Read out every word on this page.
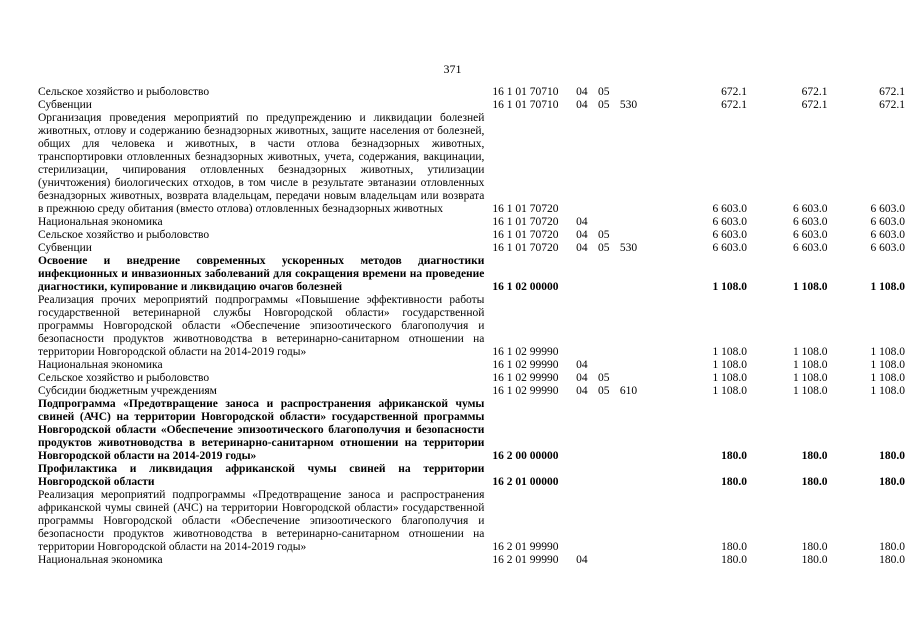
371
Сельское хозяйство и рыболовство		16 1 01 70710	04	05		672.1	672.1	672.1
Субвенции		16 1 01 70710	04	05	530	672.1	672.1	672.1
Организация проведения мероприятий по предупреждению и ликвидации болезней животных, отлову и содержанию безнадзорных животных, защите населения от болезней, общих для человека и животных, в части отлова безнадзорных животных, транспортировки отловленных безнадзорных животных, учета, содержания, вакцинации, стерилизации, чипирования отловленных безнадзорных животных, утилизации (уничтожения) биологических отходов, в том числе в результате эвтаназии отловленных безнадзорных животных, возврата владельцам, передачи новым владельцам или возврата в прежнюю среду обитания (вместо отлова) отловленных безнадзорных животных		16 1 01 70720				6 603.0	6 603.0	6 603.0
Национальная экономика		16 1 01 70720	04			6 603.0	6 603.0	6 603.0
Сельское хозяйство и рыболовство		16 1 01 70720	04	05		6 603.0	6 603.0	6 603.0
Субвенции		16 1 01 70720	04	05	530	6 603.0	6 603.0	6 603.0
Освоение и внедрение современных ускоренных методов диагностики инфекционных и инвазионных заболеваний для сокращения времени на проведение диагностики, купирование и ликвидацию очагов болезней		16 1 02 00000				1 108.0	1 108.0	1 108.0
Реализация прочих мероприятий подпрограммы «Повышение эффективности работы государственной ветеринарной службы Новгородской области» государственной программы Новгородской области «Обеспечение эпизоотического благополучия и безопасности продуктов животноводства в ветеринарно-санитарном отношении на территории Новгородской области на 2014-2019 годы»		16 1 02 99990				1 108.0	1 108.0	1 108.0
Национальная экономика		16 1 02 99990	04			1 108.0	1 108.0	1 108.0
Сельское хозяйство и рыболовство		16 1 02 99990	04	05		1 108.0	1 108.0	1 108.0
Субсидии бюджетным учреждениям		16 1 02 99990	04	05	610	1 108.0	1 108.0	1 108.0
Подпрограмма «Предотвращение заноса и распространения африканской чумы свиней (АЧС) на территории Новгородской области» государственной программы Новгородской области «Обеспечение эпизоотического благополучия и безопасности продуктов животноводства в ветеринарно-санитарном отношении на территории Новгородской области на 2014-2019 годы»		16 2 00 00000				180.0	180.0	180.0
Профилактика и ликвидация африканской чумы свиней на территории Новгородской области		16 2 01 00000				180.0	180.0	180.0
Реализация мероприятий подпрограммы «Предотвращение заноса и распространения африканской чумы свиней (АЧС) на территории Новгородской области» государственной программы Новгородской области «Обеспечение эпизоотического благополучия и безопасности продуктов животноводства в ветеринарно-санитарном отношении на территории Новгородской области на 2014-2019 годы»		16 2 01 99990				180.0	180.0	180.0
Национальная экономика		16 2 01 99990	04			180.0	180.0	180.0
